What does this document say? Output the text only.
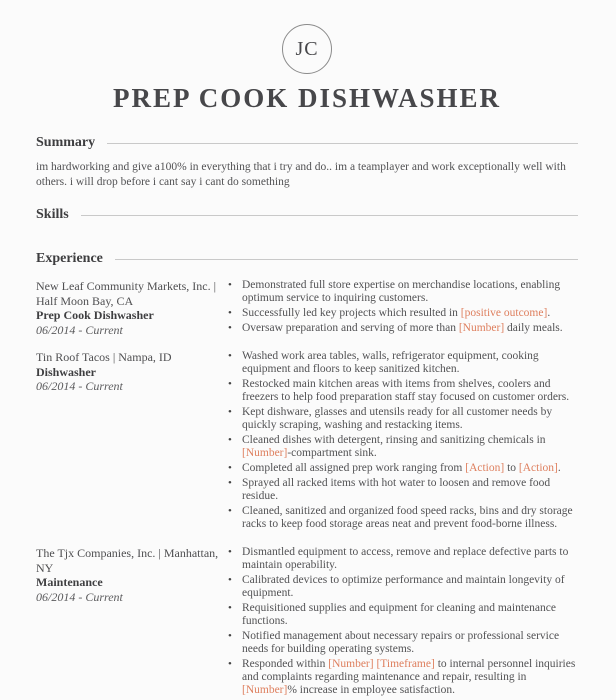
JC
PREP COOK DISHWASHER
Summary

im hardworking and give a100% in everything that i try and do.. im a teamplayer and work exceptionally well with others. i will drop before i cant say i cant do something

Skills
Experience
New Leaf Community Markets, Inc. | Half Moon Bay, CA
Prep Cook Dishwasher
06/2014 - Current
• Demonstrated full store expertise on merchandise locations, enabling optimum service to inquiring customers.
• Successfully led key projects which resulted in [positive outcome].
• Oversaw preparation and serving of more than [Number] daily meals.
Tin Roof Tacos | Nampa, ID
Dishwasher
06/2014 - Current
• Washed work area tables, walls, refrigerator equipment, cooking equipment and floors to keep sanitized kitchen.
• Restocked main kitchen areas with items from shelves, coolers and freezers to help food preparation staff stay focused on customer orders.
• Kept dishware, glasses and utensils ready for all customer needs by quickly scraping, washing and restacking items.
• Cleaned dishes with detergent, rinsing and sanitizing chemicals in [Number]-compartment sink.
• Completed all assigned prep work ranging from [Action] to [Action].
• Sprayed all racked items with hot water to loosen and remove food residue.
• Cleaned, sanitized and organized food speed racks, bins and dry storage racks to keep food storage areas neat and prevent food-borne illness.
The Tjx Companies, Inc. | Manhattan, NY
Maintenance
06/2014 - Current
• Dismantled equipment to access, remove and replace defective parts to maintain operability.
• Calibrated devices to optimize performance and maintain longevity of equipment.
• Requisitioned supplies and equipment for cleaning and maintenance functions.
• Notified management about necessary repairs or professional service needs for building operating systems.
• Responded within [Number] [Timeframe] to internal personnel inquiries and complaints regarding maintenance and repair, resulting in [Number]% increase in employee satisfaction.
